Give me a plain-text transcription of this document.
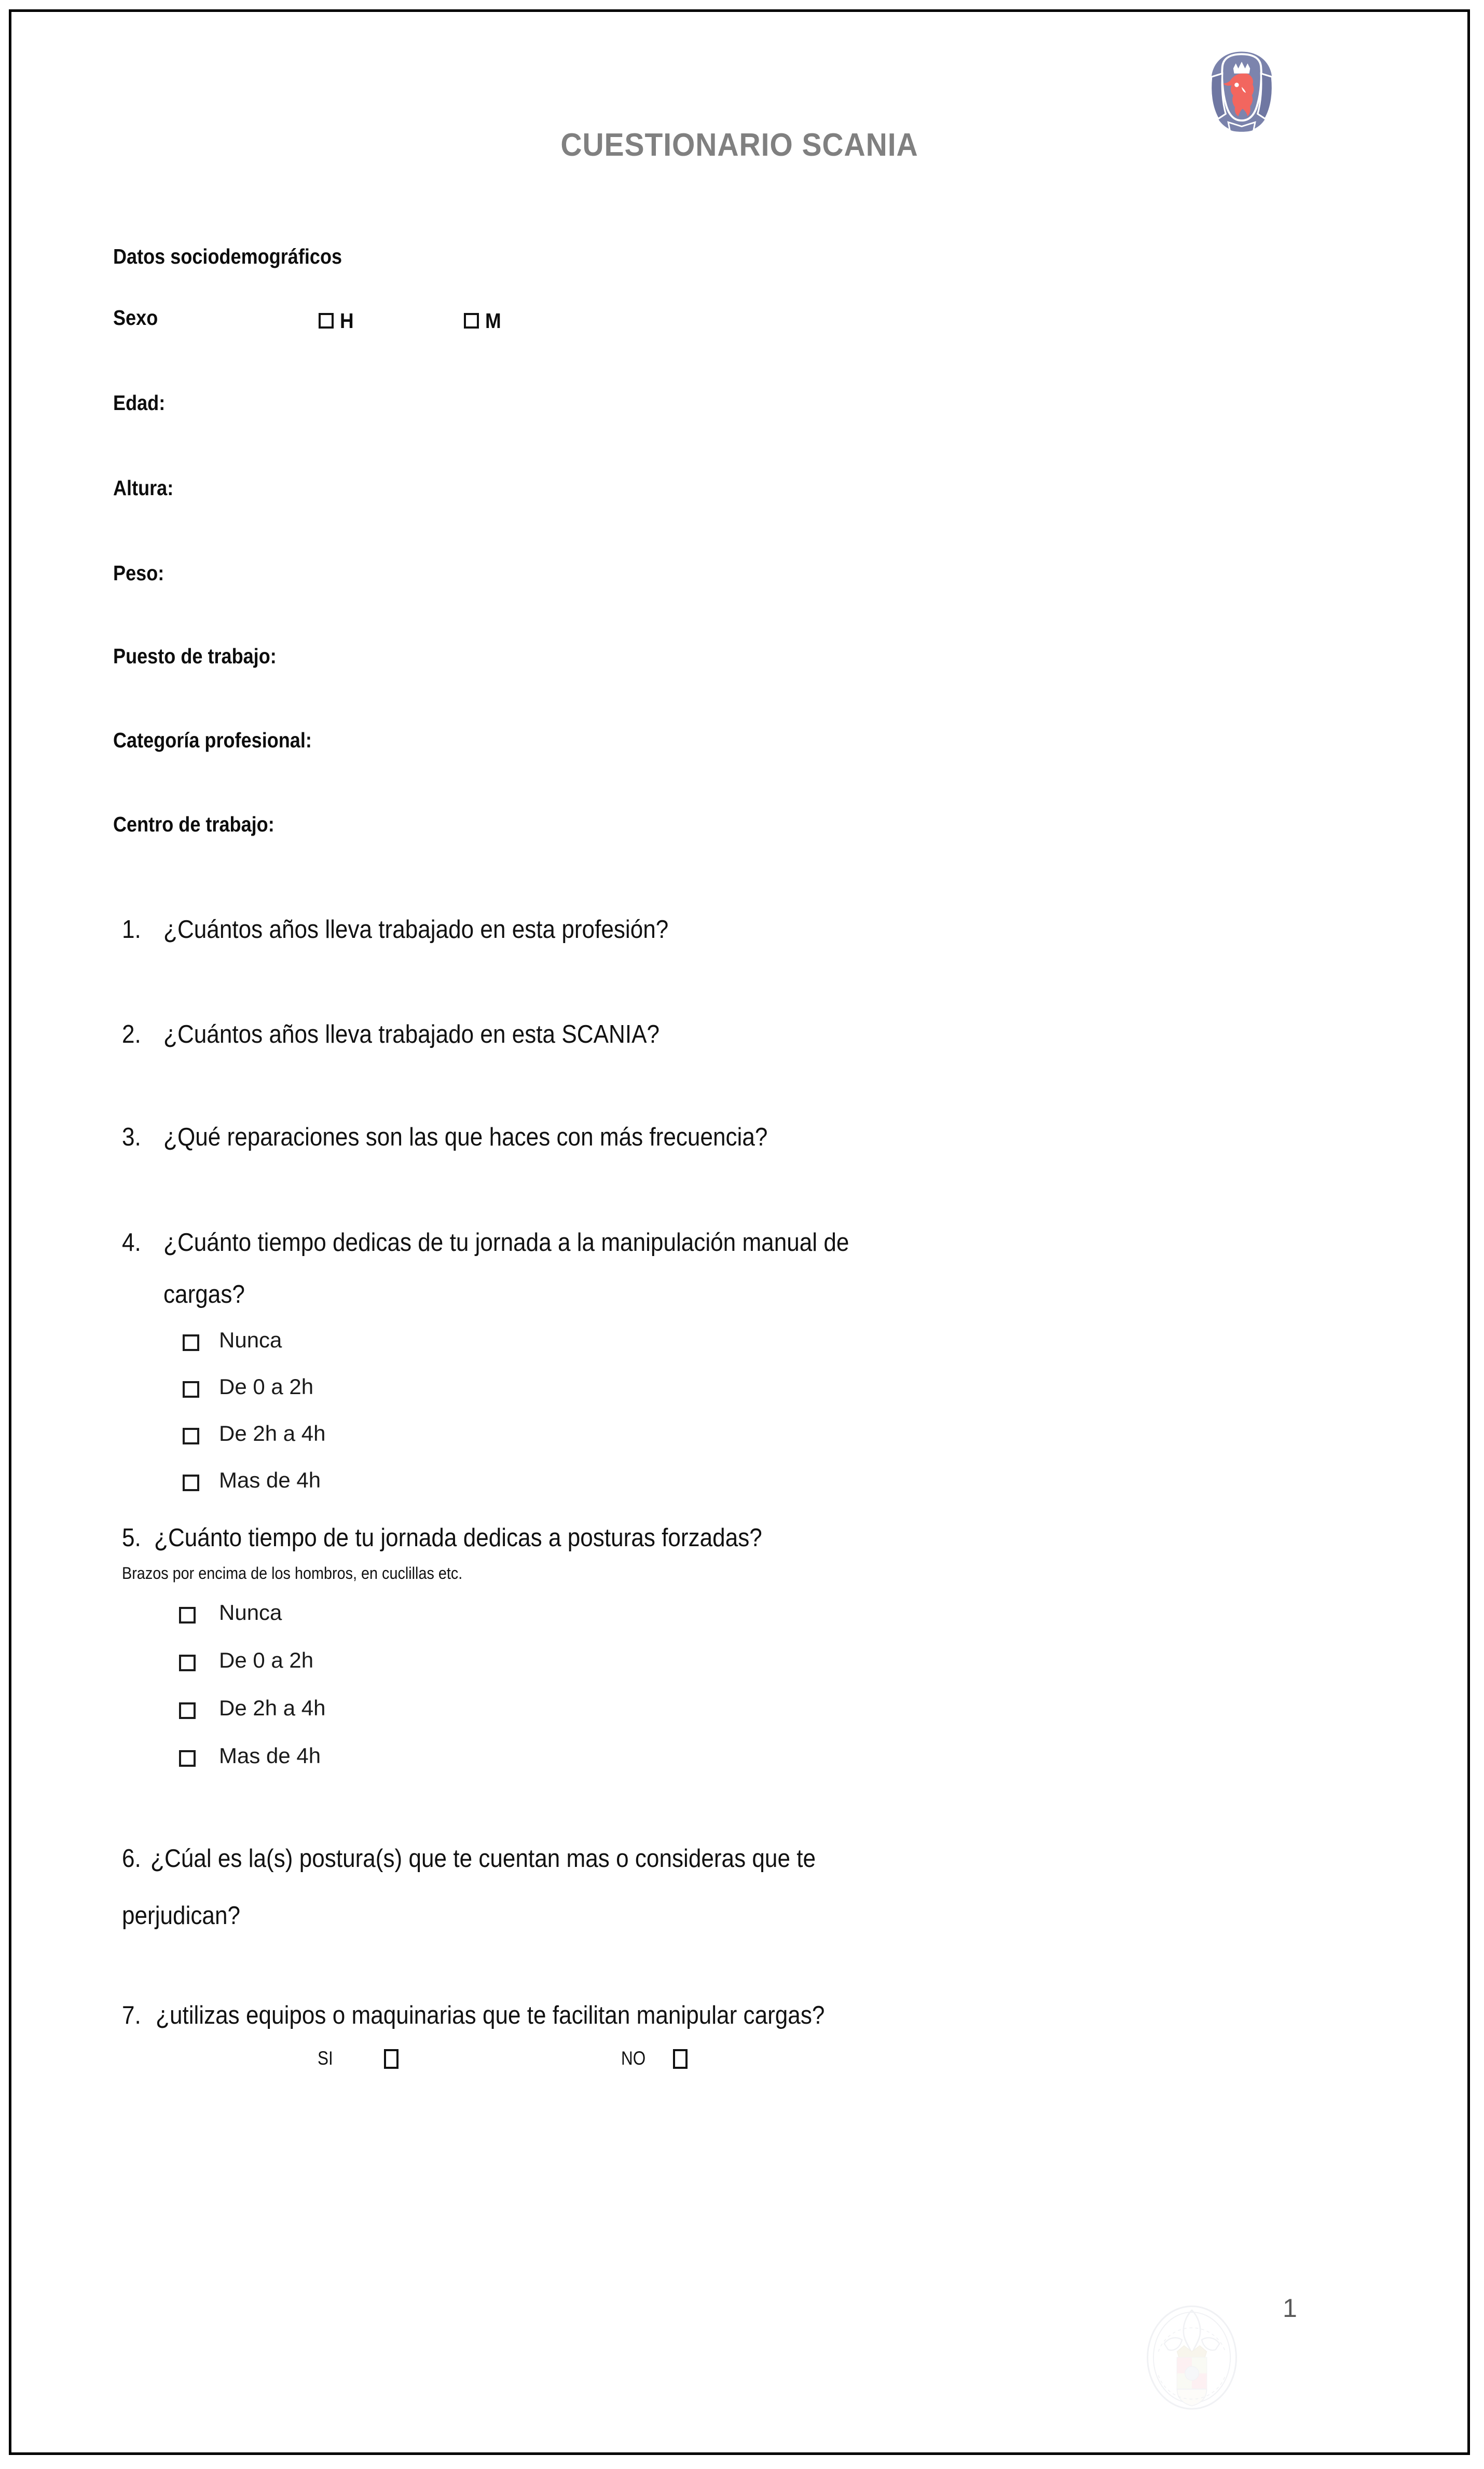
CUESTIONARIO SCANIA
Datos sociodemográficos
Sexo	H	M
Edad:
Altura:
Peso:
Puesto de trabajo:
Categoría profesional:
Centro de trabajo:
1. ¿Cuántos años lleva trabajado en esta profesión?
2. ¿Cuántos años lleva trabajado en esta SCANIA?
3. ¿Qué reparaciones son las que haces con más frecuencia?
4. ¿Cuánto tiempo dedicas de tu jornada a la manipulación manual de
cargas?
Nunca
De 0 a 2h
De 2h a 4h
Mas de 4h
5. ¿Cuánto tiempo de tu jornada dedicas a posturas forzadas?
Brazos por encima de los hombros, en cuclillas etc.
Nunca
De 0 a 2h
De 2h a 4h
Mas de 4h
6. ¿Cúal es la(s) postura(s) que te cuentan mas o consideras que te
perjudican?
7. ¿utilizas equipos o maquinarias que te facilitan manipular cargas?
SI	NO
1
